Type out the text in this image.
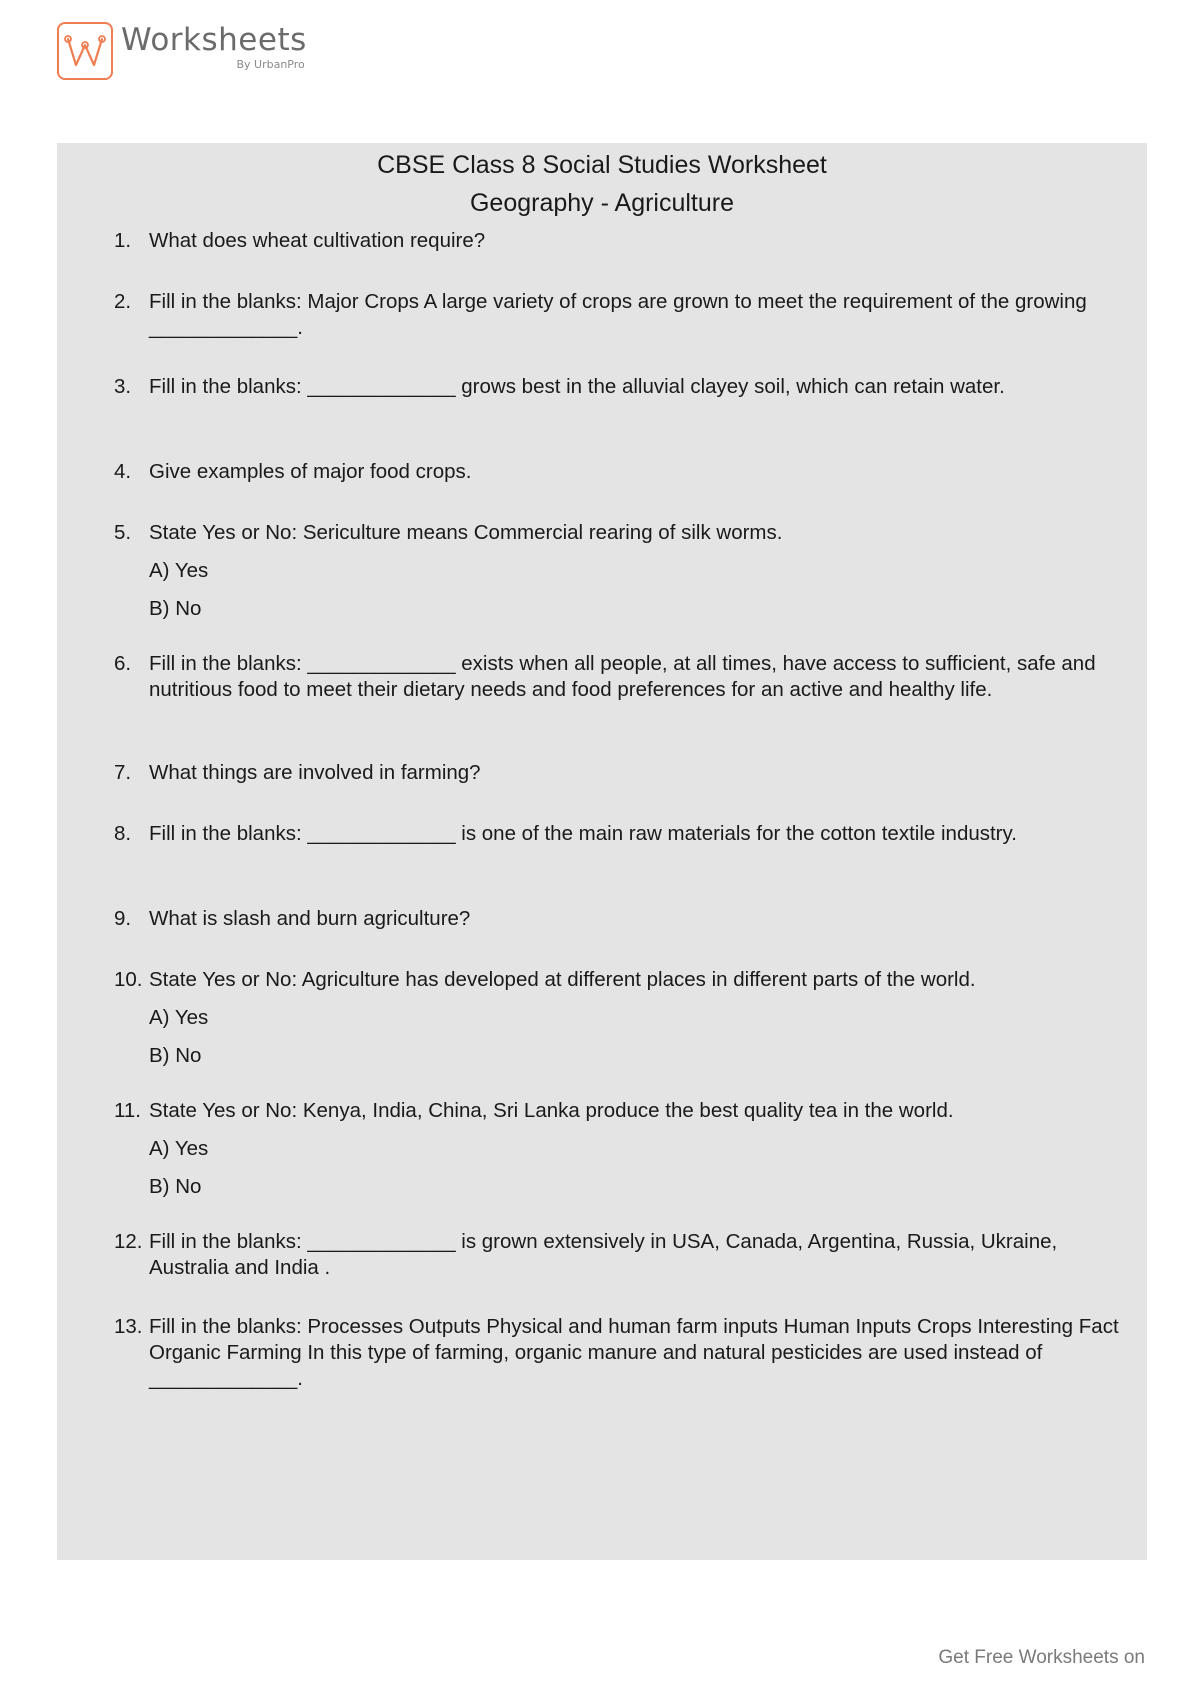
Worksheets
By UrbanPro
CBSE Class 8 Social Studies Worksheet
Geography - Agriculture
1. What does wheat cultivation require?
2. Fill in the blanks: Major Crops A large variety of crops are grown to meet the requirement of the growing _____________.
3. Fill in the blanks: _____________ grows best in the alluvial clayey soil, which can retain water.
4. Give examples of major food crops.
5. State Yes or No: Sericulture means Commercial rearing of silk worms.
A) Yes
B) No
6. Fill in the blanks: _____________ exists when all people, at all times, have access to sufficient, safe and nutritious food to meet their dietary needs and food preferences for an active and healthy life.
7. What things are involved in farming?
8. Fill in the blanks: _____________ is one of the main raw materials for the cotton textile industry.
9. What is slash and burn agriculture?
10. State Yes or No: Agriculture has developed at different places in different parts of the world.
A) Yes
B) No
11. State Yes or No: Kenya, India, China, Sri Lanka produce the best quality tea in the world.
A) Yes
B) No
12. Fill in the blanks: _____________ is grown extensively in USA, Canada, Argentina, Russia, Ukraine, Australia and India .
13. Fill in the blanks: Processes Outputs Physical and human farm inputs Human Inputs Crops Interesting Fact Organic Farming In this type of farming, organic manure and natural pesticides are used instead of _____________.
Get Free Worksheets on
